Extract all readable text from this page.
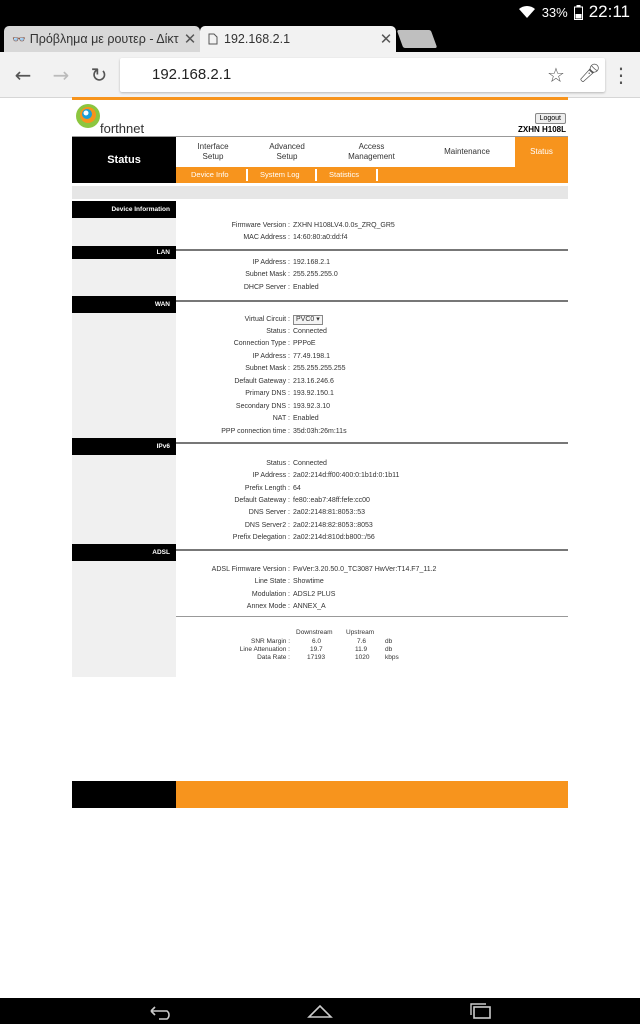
33% 22:11
👓 Πρόβλημα με ρουτερ - Δίκτ ✕ 192.168.2.1	✕
← → ↻	192.168.2.1	☆ 🎤︎ ⋮
forthnet
Logout
ZXHN H108L
Status
Interface Setup
Advanced Setup
Access Management
Maintenance	Status
Device Info	System Log	Statistics
Device Information
Firmware Version : ZXHN H108LV4.0.0s_ZRQ_GR5
MAC Address : 14:60:80:a0:dd:f4
LAN
IP Address : 192.168.2.1
Subnet Mask : 255.255.255.0
DHCP Server : Enabled
WAN
Virtual Circuit : PVC0 ▾
Status : Connected
Connection Type : PPPoE
IP Address : 77.49.198.1
Subnet Mask : 255.255.255.255
Default Gateway : 213.16.246.6
Primary DNS : 193.92.150.1
Secondary DNS : 193.92.3.10
NAT : Enabled
PPP connection time : 35d:03h:26m:11s
IPv6
Status : Connected
IP Address : 2a02:214d:ff00:400:0:1b1d:0:1b11
Prefix Length : 64
Default Gateway : fe80::eab7:48ff:fefe:cc00
DNS Server : 2a02:2148:81:8053::53
DNS Server2 : 2a02:2148:82:8053::8053
Prefix Delegation : 2a02:214d:810d:b800::/56
ADSL
ADSL Firmware Version : FwVer:3.20.50.0_TC3087 HwVer:T14.F7_11.2
Line State : Showtime
Modulation : ADSL2 PLUS
Annex Mode : ANNEX_A
Downstream Upstream
SNR Margin :	6.0	7.6	db
Line Attenuation :	19.7	11.9	db
Data Rate :	17193	1020 kbps
